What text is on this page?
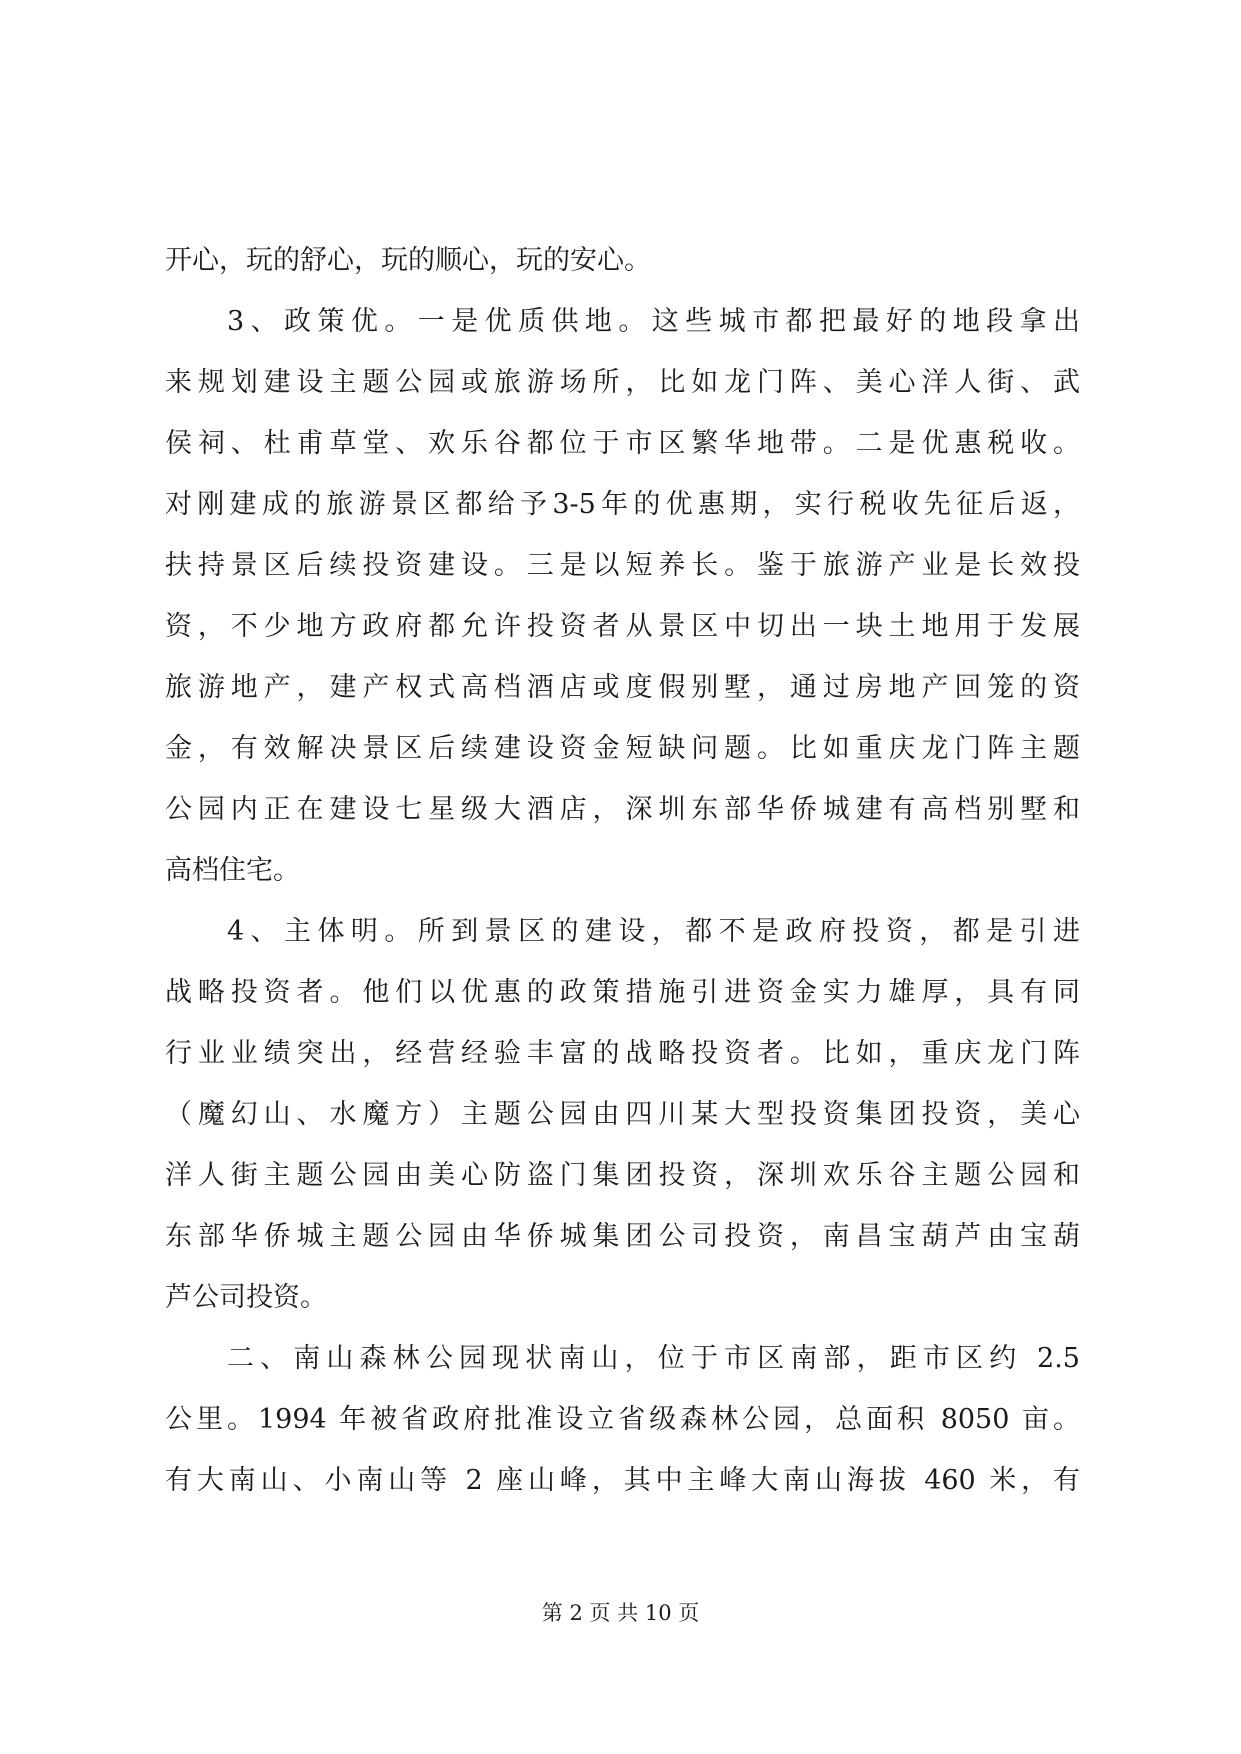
开心，玩的舒心，玩的顺心，玩的安心。
3、政策优。一是优质供地。这些城市都把最好的地段拿出
来规划建设主题公园或旅游场所，比如龙门阵、美心洋人街、武
侯祠、杜甫草堂、欢乐谷都位于市区繁华地带。二是优惠税收。
对刚建成的旅游景区都给予3-5年的优惠期，实行税收先征后返，
扶持景区后续投资建设。三是以短养长。鉴于旅游产业是长效投
资，不少地方政府都允许投资者从景区中切出一块土地用于发展
旅游地产，建产权式高档酒店或度假别墅，通过房地产回笼的资
金，有效解决景区后续建设资金短缺问题。比如重庆龙门阵主题
公园内正在建设七星级大酒店，深圳东部华侨城建有高档别墅和
高档住宅。
4、主体明。所到景区的建设，都不是政府投资，都是引进
战略投资者。他们以优惠的政策措施引进资金实力雄厚，具有同
行业业绩突出，经营经验丰富的战略投资者。比如，重庆龙门阵
（魔幻山、水魔方）主题公园由四川某大型投资集团投资，美心
洋人街主题公园由美心防盗门集团投资，深圳欢乐谷主题公园和
东部华侨城主题公园由华侨城集团公司投资，南昌宝葫芦由宝葫
芦公司投资。
二、南山森林公园现状南山，位于市区南部，距市区约 2.5
公里。1994 年被省政府批准设立省级森林公园，总面积 8050 亩。
有大南山、小南山等 2 座山峰，其中主峰大南山海拔 460 米，有
第 2 页 共 10 页
